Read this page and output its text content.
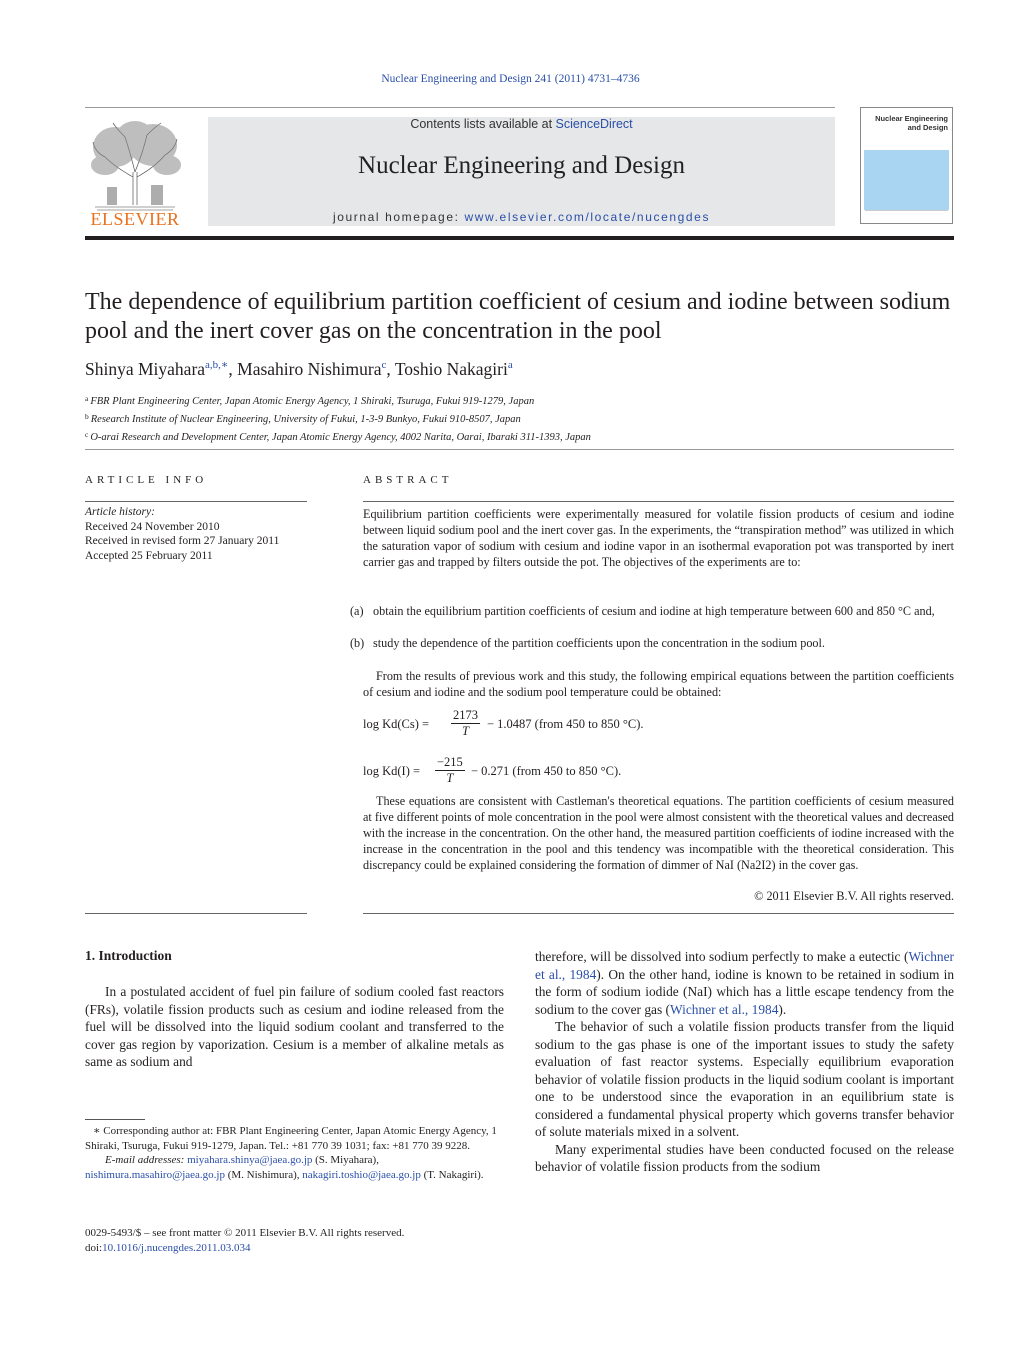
Nuclear Engineering and Design 241 (2011) 4731–4736
ELSEVIER
Contents lists available at ScienceDirect
Nuclear Engineering and Design
journal homepage: www.elsevier.com/locate/nucengdes
Nuclear Engineering and Design
The dependence of equilibrium partition coefficient of cesium and iodine between sodium pool and the inert cover gas on the concentration in the pool
Shinya Miyahara$^{a,b,∗}$, Masahiro Nishimura$^c$, Toshio Nakagiri$^a$
$^a$ FBR Plant Engineering Center, Japan Atomic Energy Agency, 1 Shiraki, Tsuruga, Fukui 919-1279, Japan
$^b$ Research Institute of Nuclear Engineering, University of Fukui, 1-3-9 Bunkyo, Fukui 910-8507, Japan
$^c$ O-arai Research and Development Center, Japan Atomic Energy Agency, 4002 Narita, Oarai, Ibaraki 311-1393, Japan
ARTICLE INFO
Article history:
Received 24 November 2010
Received in revised form 27 January 2011
Accepted 25 February 2011
ABSTRACT

Equilibrium partition coefficients were experimentally measured for volatile fission products of cesium and iodine between liquid sodium pool and the inert cover gas. In the experiments, the “transpiration method” was utilized in which the saturation vapor of sodium with cesium and iodine vapor in an isothermal evaporation pot was transported by inert carrier gas and trapped by filters outside the pot. The objectives of the experiments are to:

(a) obtain the equilibrium partition coefficients of cesium and iodine at high temperature between 600 and 850 °C and,
(b) study the dependence of the partition coefficients upon the concentration in the sodium pool.
From the results of previous work and this study, the following empirical equations between the partition coefficients of cesium and iodine and the sodium pool temperature could be obtained:
$\log Kd(Cs) = \frac{2173}{T} - 1.0487$ (from 450 to 850 °C).
$\log Kd(I) = \frac{-215}{T} - 0.271$ (from 450 to 850 °C).
These equations are consistent with Castleman's theoretical equations. The partition coefficients of cesium measured at five different points of mole concentration in the pool were almost consistent with the theoretical values and decreased with the increase in the concentration. On the other hand, the measured partition coefficients of iodine increased with the increase in the concentration in the pool and this tendency was incompatible with the theoretical consideration. This discrepancy could be explained considering the formation of dimmer of NaI (Na2I2) in the cover gas.
© 2011 Elsevier B.V. All rights reserved.
1. Introduction
In a postulated accident of fuel pin failure of sodium cooled fast reactors (FRs), volatile fission products such as cesium and iodine released from the fuel will be dissolved into the liquid sodium coolant and transferred to the cover gas region by vaporization. Cesium is a member of alkaline metals as same as sodium and

therefore, will be dissolved into sodium perfectly to make a eutectic (Wichner et al., 1984). On the other hand, iodine is known to be retained in sodium in the form of sodium iodide (NaI) which has a little escape tendency from the sodium to the cover gas (Wichner et al., 1984).

The behavior of such a volatile fission products transfer from the liquid sodium to the gas phase is one of the important issues to study the safety evaluation of fast reactor systems. Especially equilibrium evaporation behavior of volatile fission products in the liquid sodium coolant is important one to be understood since the evaporation in an equilibrium state is considered a fundamental physical property which governs transfer behavior of solute materials mixed in a solvent.

Many experimental studies have been conducted focused on the release behavior of volatile fission products from the sodium

∗ Corresponding author at: FBR Plant Engineering Center, Japan Atomic Energy Agency, 1 Shiraki, Tsuruga, Fukui 919-1279, Japan. Tel.: +81 770 39 1031; fax: +81 770 39 9228.

E-mail addresses: miyahara.shinya@jaea.go.jp (S. Miyahara), nishimura.masahiro@jaea.go.jp (M. Nishimura), nakagiri.toshio@jaea.go.jp (T. Nakagiri).

0029-5493/$ – see front matter © 2011 Elsevier B.V. All rights reserved.

doi:10.1016/j.nucengdes.2011.03.034
